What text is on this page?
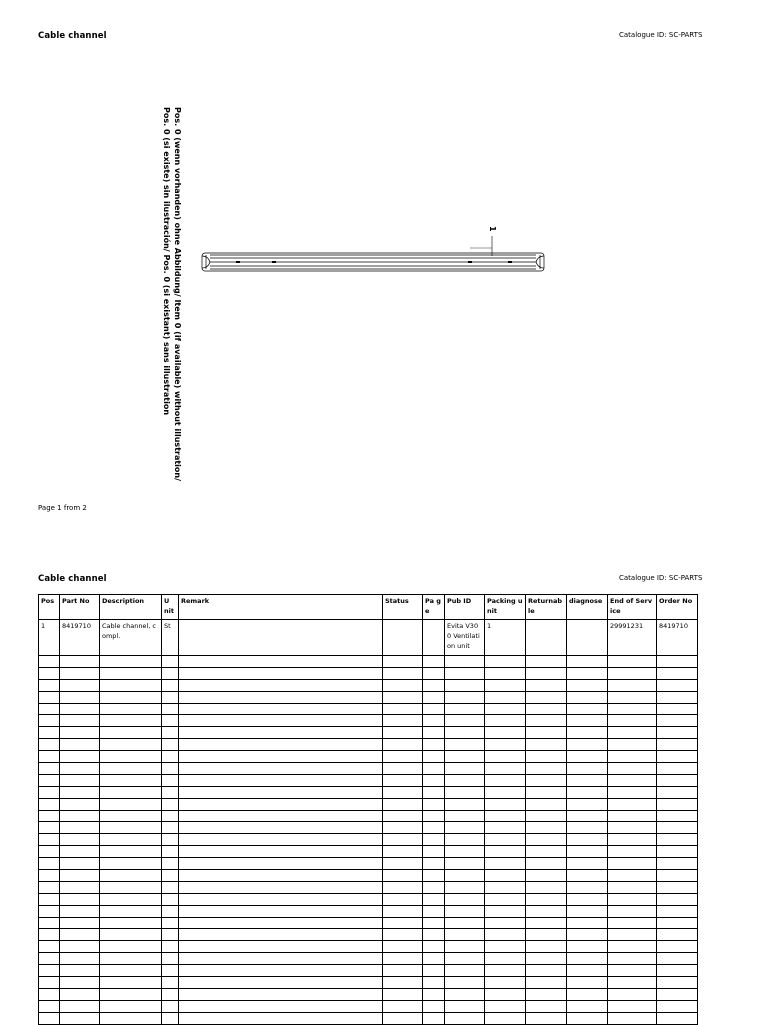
Cable channel	Catalogue ID: SC-PARTS
Pos. 0 (wenn vorhanden) ohne Abbildung/ Item 0 (if available) without illustration/
Pos. 0 (si existe) sin ilustración/ Pos. 0 (si existant) sans illustration	1
Page 1 from 2
Cable channel	Catalogue ID: SC-PARTS
Pos	Part No	Description	U nit	Remark	Status	Pa ge	Pub ID	Packing unit	Returnab le	diagnose	End of Service	Order No
1	8419710	Cable channel, compl.	St				Evita V300 Ventilation unit	1			29991231	8419710
